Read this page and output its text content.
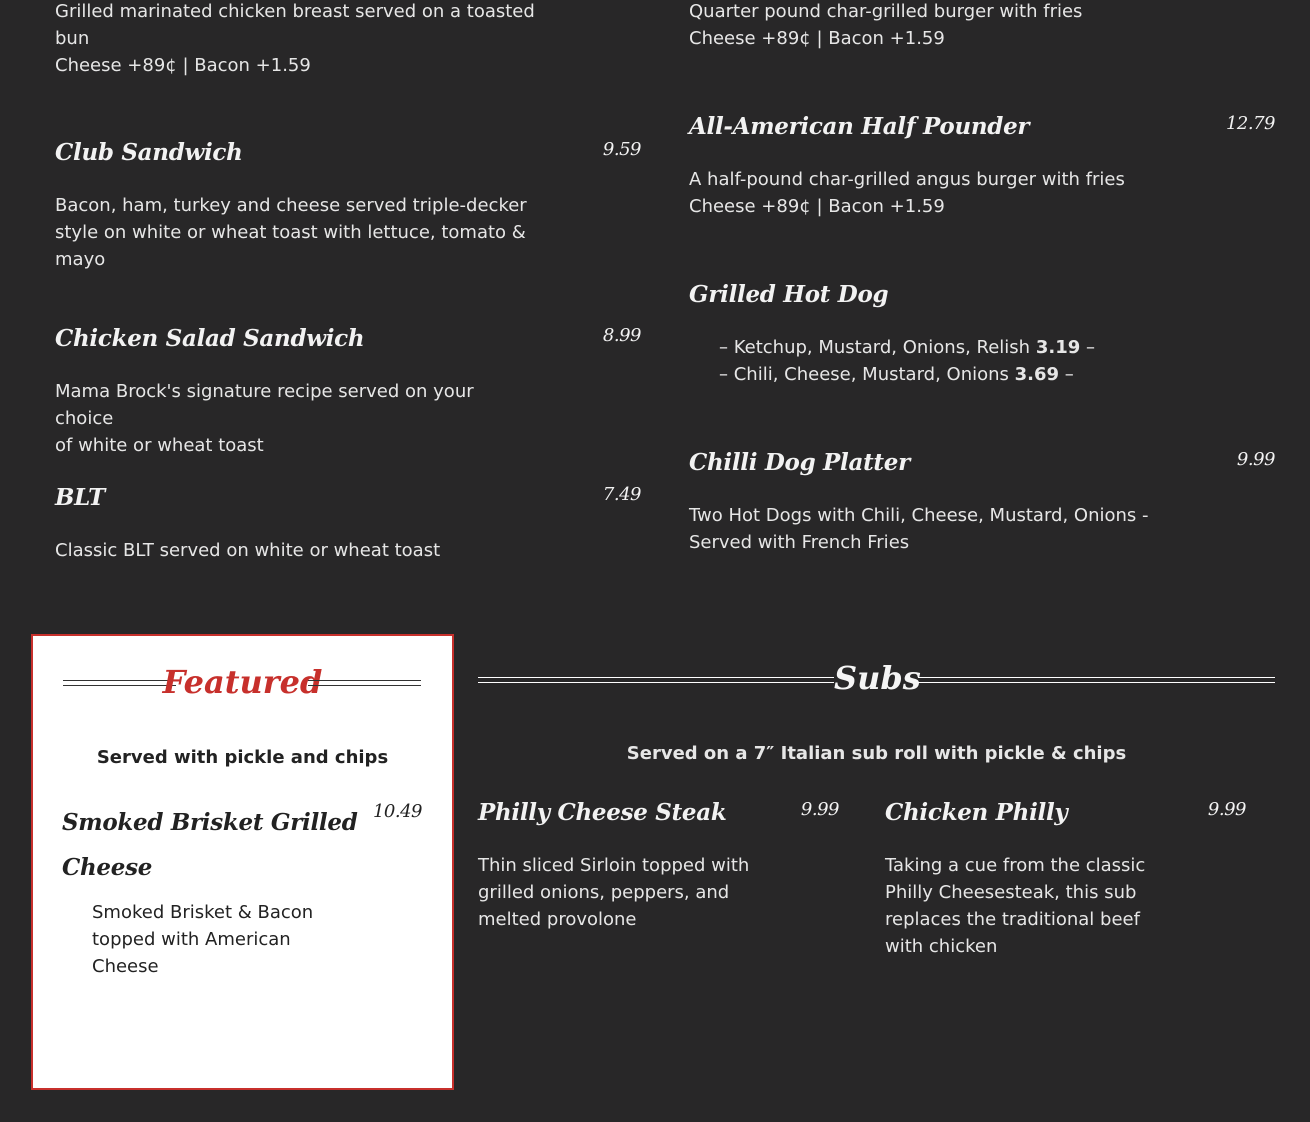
Grilled marinated chicken breast served on a toasted
bun
Cheese +89¢ | Bacon +1.59
Quarter pound char-grilled burger with fries
Cheese +89¢ | Bacon +1.59
Club Sandwich	9.59
Bacon, ham, turkey and cheese served triple-decker
style on white or wheat toast with lettuce, tomato &
mayo
Chicken Salad Sandwich	8.99
Mama Brock's signature recipe served on your choice
of white or wheat toast
BLT	7.49
Classic BLT served on white or wheat toast
All-American Half Pounder	12.79
A half-pound char-grilled angus burger with fries
Cheese +89¢ | Bacon +1.59
Grilled Hot Dog
– Ketchup, Mustard, Onions, Relish 3.19 –
– Chili, Cheese, Mustard, Onions 3.69 –
Chilli Dog Platter	9.99
Two Hot Dogs with Chili, Cheese, Mustard, Onions -
Served with French Fries
Featured
Served with pickle and chips
Smoked Brisket Grilled
Cheese
10.49
Smoked Brisket & Bacon
topped with American
Cheese
Subs
Served on a 7″ Italian sub roll with pickle & chips
Philly Cheese Steak	9.99
Thin sliced Sirloin topped with
grilled onions, peppers, and
melted provolone
Chicken Philly	9.99
Taking a cue from the classic
Philly Cheesesteak, this sub
replaces the traditional beef
with chicken
